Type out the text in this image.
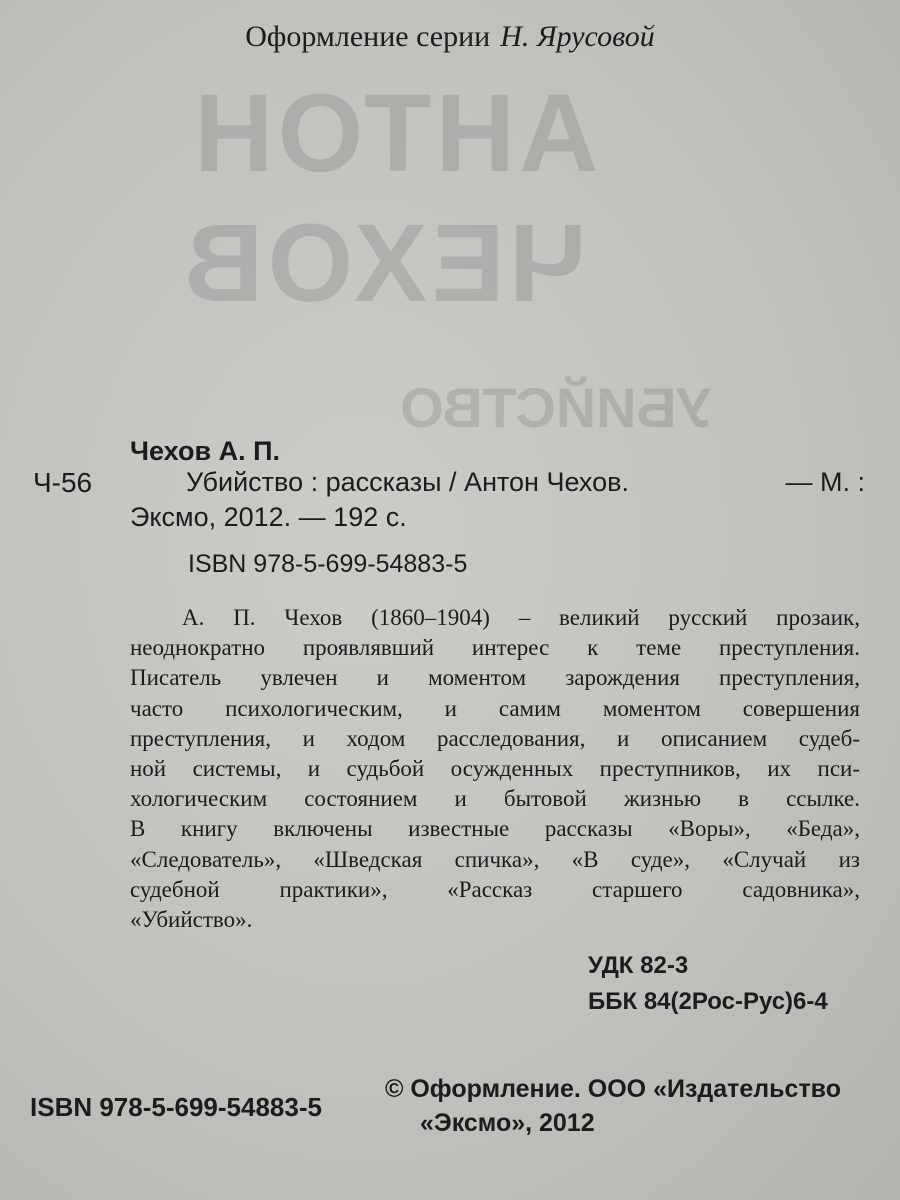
АНТОН
ЧЕХОВ
УБИЙСТВО
Оформление серии Н. Ярусовой
Чехов А. П.
Ч-56	Убийство : рассказы / Антон Чехов.	— М. :
Эксмо, 2012. — 192 с.
ISBN 978-5-699-54883-5
А. П. Чехов (1860–1904) – великий русский прозаик,
неоднократно проявлявший интерес к теме преступления.
Писатель увлечен и моментом зарождения преступления,
часто психологическим, и самим моментом совершения
преступления, и ходом расследования, и описанием судеб-
ной системы, и судьбой осужденных преступников, их пси-
хологическим состоянием и бытовой жизнью в ссылке.
В книгу включены известные рассказы «Воры», «Беда»,
«Следователь», «Шведская спичка», «В суде», «Случай из
судебной практики», «Рассказ старшего садовника»,
«Убийство».
УДК 82-3
ББК 84(2Рос-Рус)6-4
ISBN 978-5-699-54883-5
© Оформление. ООО «Издательство
«Эксмо», 2012
